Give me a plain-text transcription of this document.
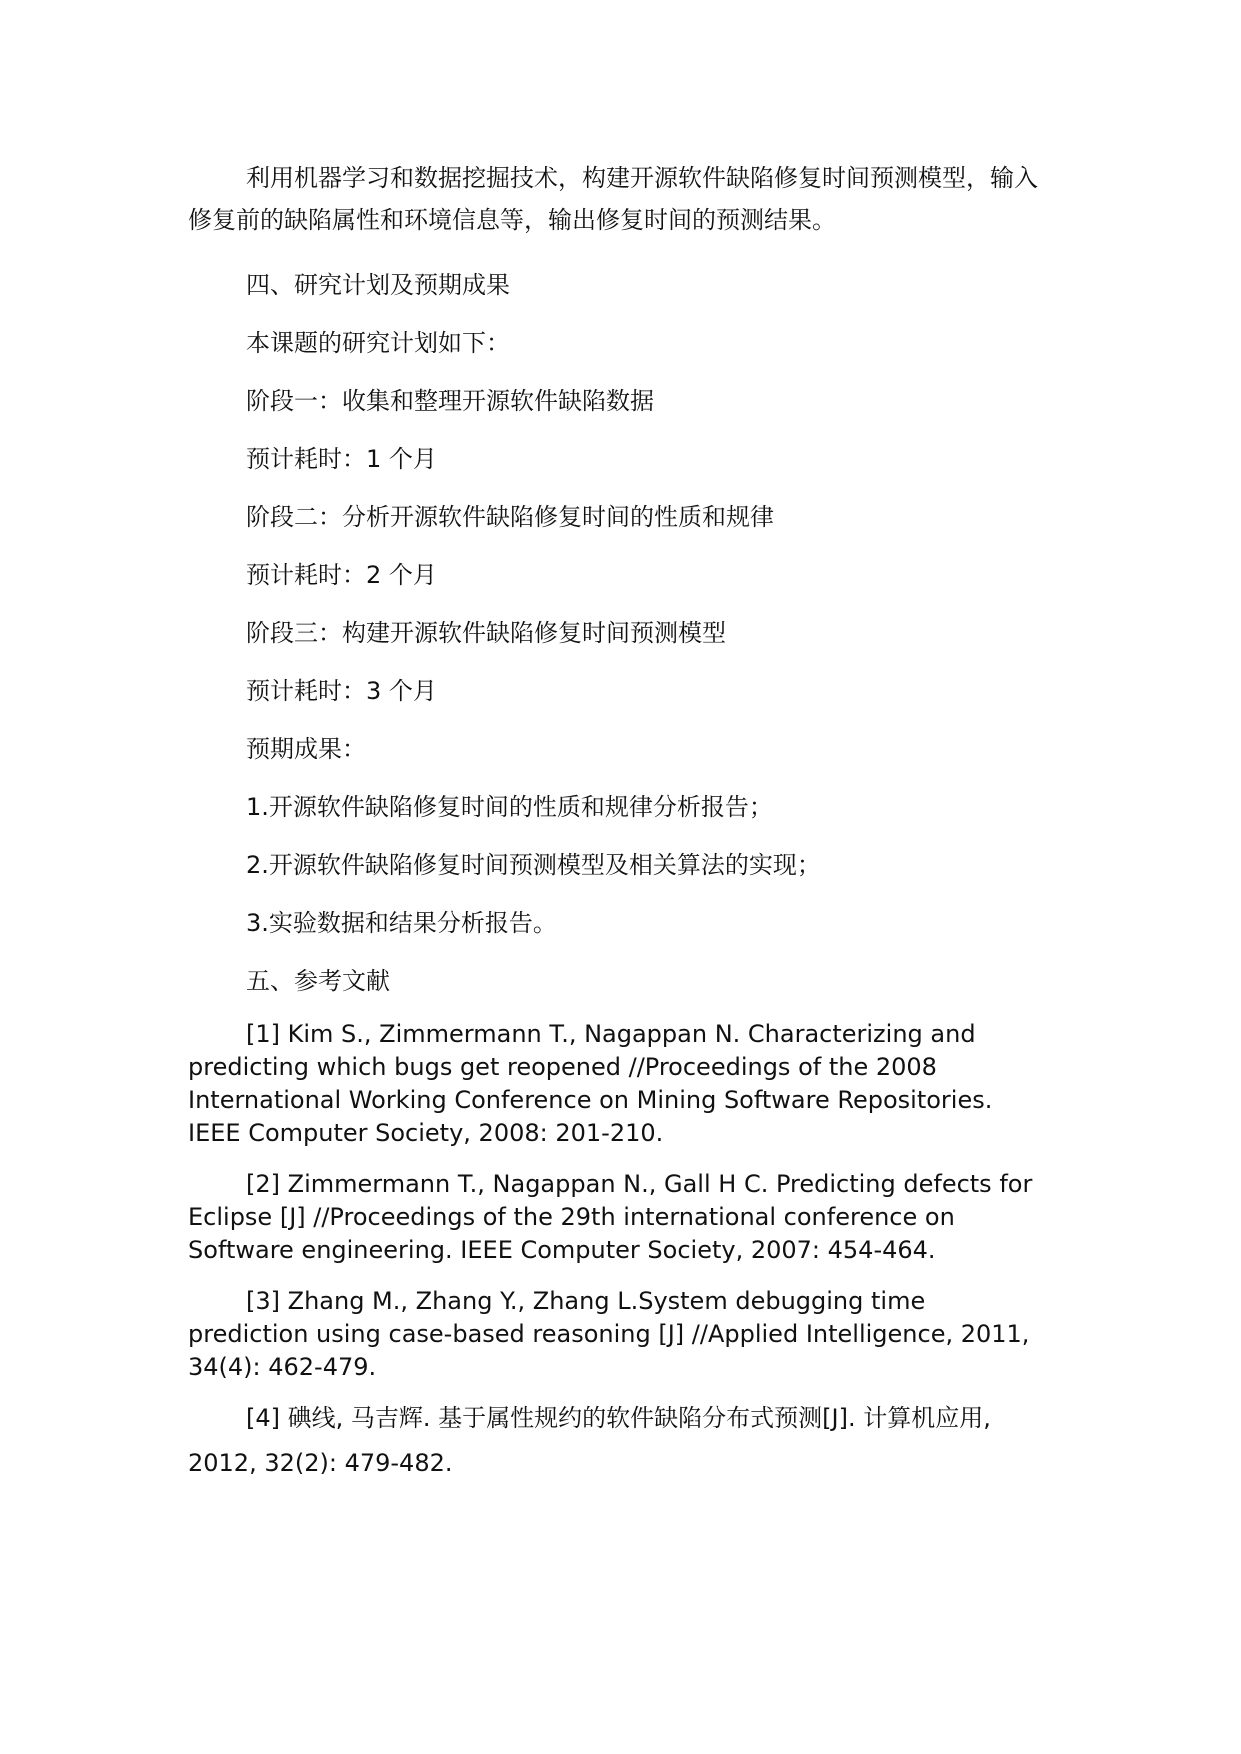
利用机器学习和数据挖掘技术，构建开源软件缺陷修复时间预测模型，输入修复前的缺陷属性和环境信息等，输出修复时间的预测结果。

四、研究计划及预期成果

本课题的研究计划如下：

阶段一：收集和整理开源软件缺陷数据

预计耗时：1 个月

阶段二：分析开源软件缺陷修复时间的性质和规律

预计耗时：2 个月

阶段三：构建开源软件缺陷修复时间预测模型

预计耗时：3 个月

预期成果：

1.开源软件缺陷修复时间的性质和规律分析报告；

2.开源软件缺陷修复时间预测模型及相关算法的实现；

3.实验数据和结果分析报告。

五、参考文献

[1] Kim S., Zimmermann T., Nagappan N. Characterizing and predicting which bugs get reopened //Proceedings of the 2008 International Working Conference on Mining Software Repositories. IEEE Computer Society, 2008: 201-210.

[2] Zimmermann T., Nagappan N., Gall H C. Predicting defects for Eclipse [J] //Proceedings of the 29th international conference on Software engineering. IEEE Computer Society, 2007: 454-464.

[3] Zhang M., Zhang Y., Zhang L.System debugging time prediction using case-based reasoning [J] //Applied Intelligence, 2011, 34(4): 462-479.

[4] 碘线, 马吉辉. 基于属性规约的软件缺陷分布式预测[J]. 计算机应用, 2012, 32(2): 479-482.
